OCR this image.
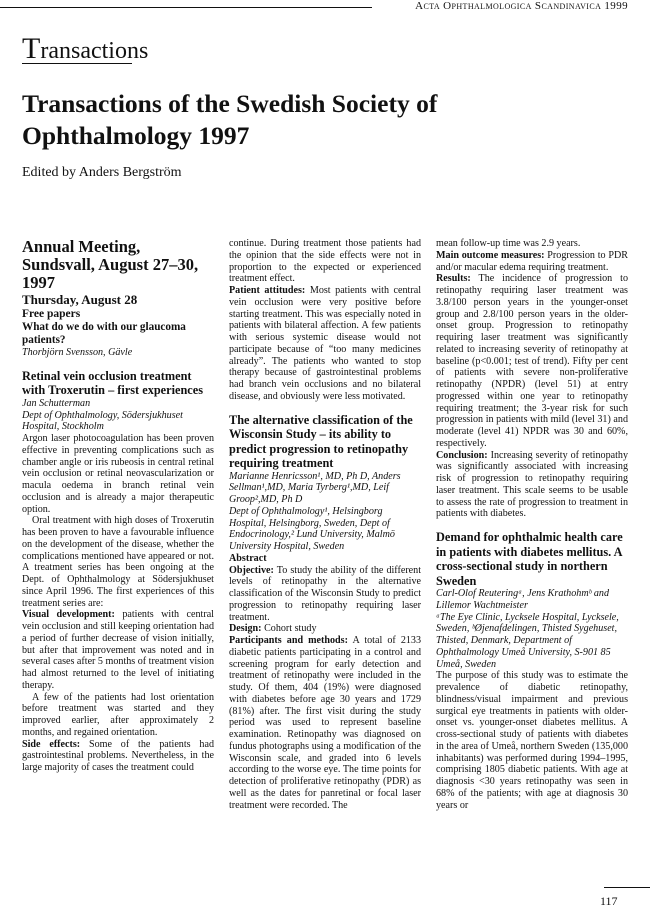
Acta Ophthalmologica Scandinavica 1999
Transactions
Transactions of the Swedish Society of Ophthalmology 1997
Edited by Anders Bergström

Annual Meeting, Sundsvall, August 27–30, 1997

Thursday, August 28

Free papers

What do we do with our glaucoma patients?

Thorbjörn Svensson, Gävle

Retinal vein occlusion treatment with Troxerutin – first experiences

Jan Schutterman

Dept of Ophthalmology, Södersjukhuset Hospital, Stockholm

Argon laser photocoagulation has been proven effective in preventing complications such as chamber angle or iris rubeosis in central retinal vein occlusion or retinal neovascularization or macula oedema in branch retinal vein occlusion and is already a major therapeutic option.

Oral treatment with high doses of Troxerutin has been proven to have a favourable influence on the development of the disease, whether the complications mentioned have appeared or not. A treatment series has been ongoing at the Dept. of Ophthalmology at Södersjukhuset since April 1996. The first experiences of this treatment series are:

Visual development: patients with central vein occlusion and still keeping orientation had a period of further decrease of vision initially, but after that improvement was noted and in several cases after 5 months of treatment vision had almost returned to the level of initiating therapy.

A few of the patients had lost orientation before treatment was started and they improved earlier, after approximately 2 months, and regained orientation.

Side effects: Some of the patients had gastrointestinal problems. Nevertheless, in the large majority of cases the treatment could

continue. During treatment those patients had the opinion that the side effects were not in proportion to the expected or experienced treatment effect.

Patient attitudes: Most patients with central vein occlusion were very positive before starting treatment. This was especially noted in patients with bilateral affection. A few patients with serious systemic disease would not participate because of “too many medicines already”. The patients who wanted to stop therapy because of gastrointestinal problems had branch vein occlusions and no bilateral disease, and obviously were less motivated.

The alternative classification of the Wisconsin Study – its ability to predict progression to retinopathy requiring treatment

Marianne Henricsson¹, MD, Ph D, Anders Sellman¹,MD, Maria Tyrberg¹,MD, Leif Groop²,MD, Ph D

Dept of Ophthalmology¹, Helsingborg Hospital, Helsingborg, Sweden, Dept of Endocrinology,² Lund University, Malmö University Hospital, Sweden

Abstract

Objective: To study the ability of the different levels of retinopathy in the alternative classification of the Wisconsin Study to predict progression to retinopathy requiring laser treatment.

Design: Cohort study

Participants and methods: A total of 2133 diabetic patients participating in a control and screening program for early detection and treatment of retinopathy were included in the study. Of them, 404 (19%) were diagnosed with diabetes before age 30 years and 1729 (81%) after. The first visit during the study period was used to represent baseline examination. Retinopathy was diagnosed on fundus photographs using a modification of the Wisconsin scale, and graded into 6 levels according to the worse eye. The time points for detection of proliferative retinopathy (PDR) as well as the dates for panretinal or focal laser treatment were recorded. The

mean follow-up time was 2.9 years.

Main outcome measures: Progression to PDR and/or macular edema requiring treatment.

Results: The incidence of progression to retinopathy requiring laser treatment was 3.8/100 person years in the younger-onset group and 2.8/100 person years in the older-onset group. Progression to retinopathy requiring laser treatment was significantly related to increasing severity of retinopathy at baseline (p<0.001; test of trend). Fifty per cent of patients with severe non-proliferative retinopathy (NPDR) (level 51) at entry progressed within one year to retinopathy requiring treatment; the 3-year risk for such progression in patients with mild (level 31) and moderate (level 41) NPDR was 30 and 60%, respectively.

Conclusion: Increasing severity of retinopathy was significantly associated with increasing risk of progression to retinopathy requiring laser treatment. This scale seems to be usable to assess the rate of progression to treatment in patients with diabetes.

Demand for ophthalmic health care in patients with diabetes mellitus. A cross-sectional study in northern Sweden

Carl-Olof Reuteringᵃ, Jens Krathohmᵇ and Lillemor Wachtmeister

ᵃThe Eye Clinic, Lycksele Hospital, Lycksele, Sweden, ᵇØjenafdelingen, Thisted Sygehuset, Thisted, Denmark, Department of Ophthalmology Umeå University, S-901 85 Umeå, Sweden

The purpose of this study was to estimate the prevalence of diabetic retinopathy, blindness/visual impairment and previous surgical eye treatments in patients with older-onset vs. younger-onset diabetes mellitus. A cross-sectional study of patients with diabetes in the area of Umeå, northern Sweden (135,000 inhabitants) was performed during 1994–1995, comprising 1805 diabetic patients. With age at diagnosis <30 years retinopathy was seen in 68% of the patients; with age at diagnosis 30 years or

117
